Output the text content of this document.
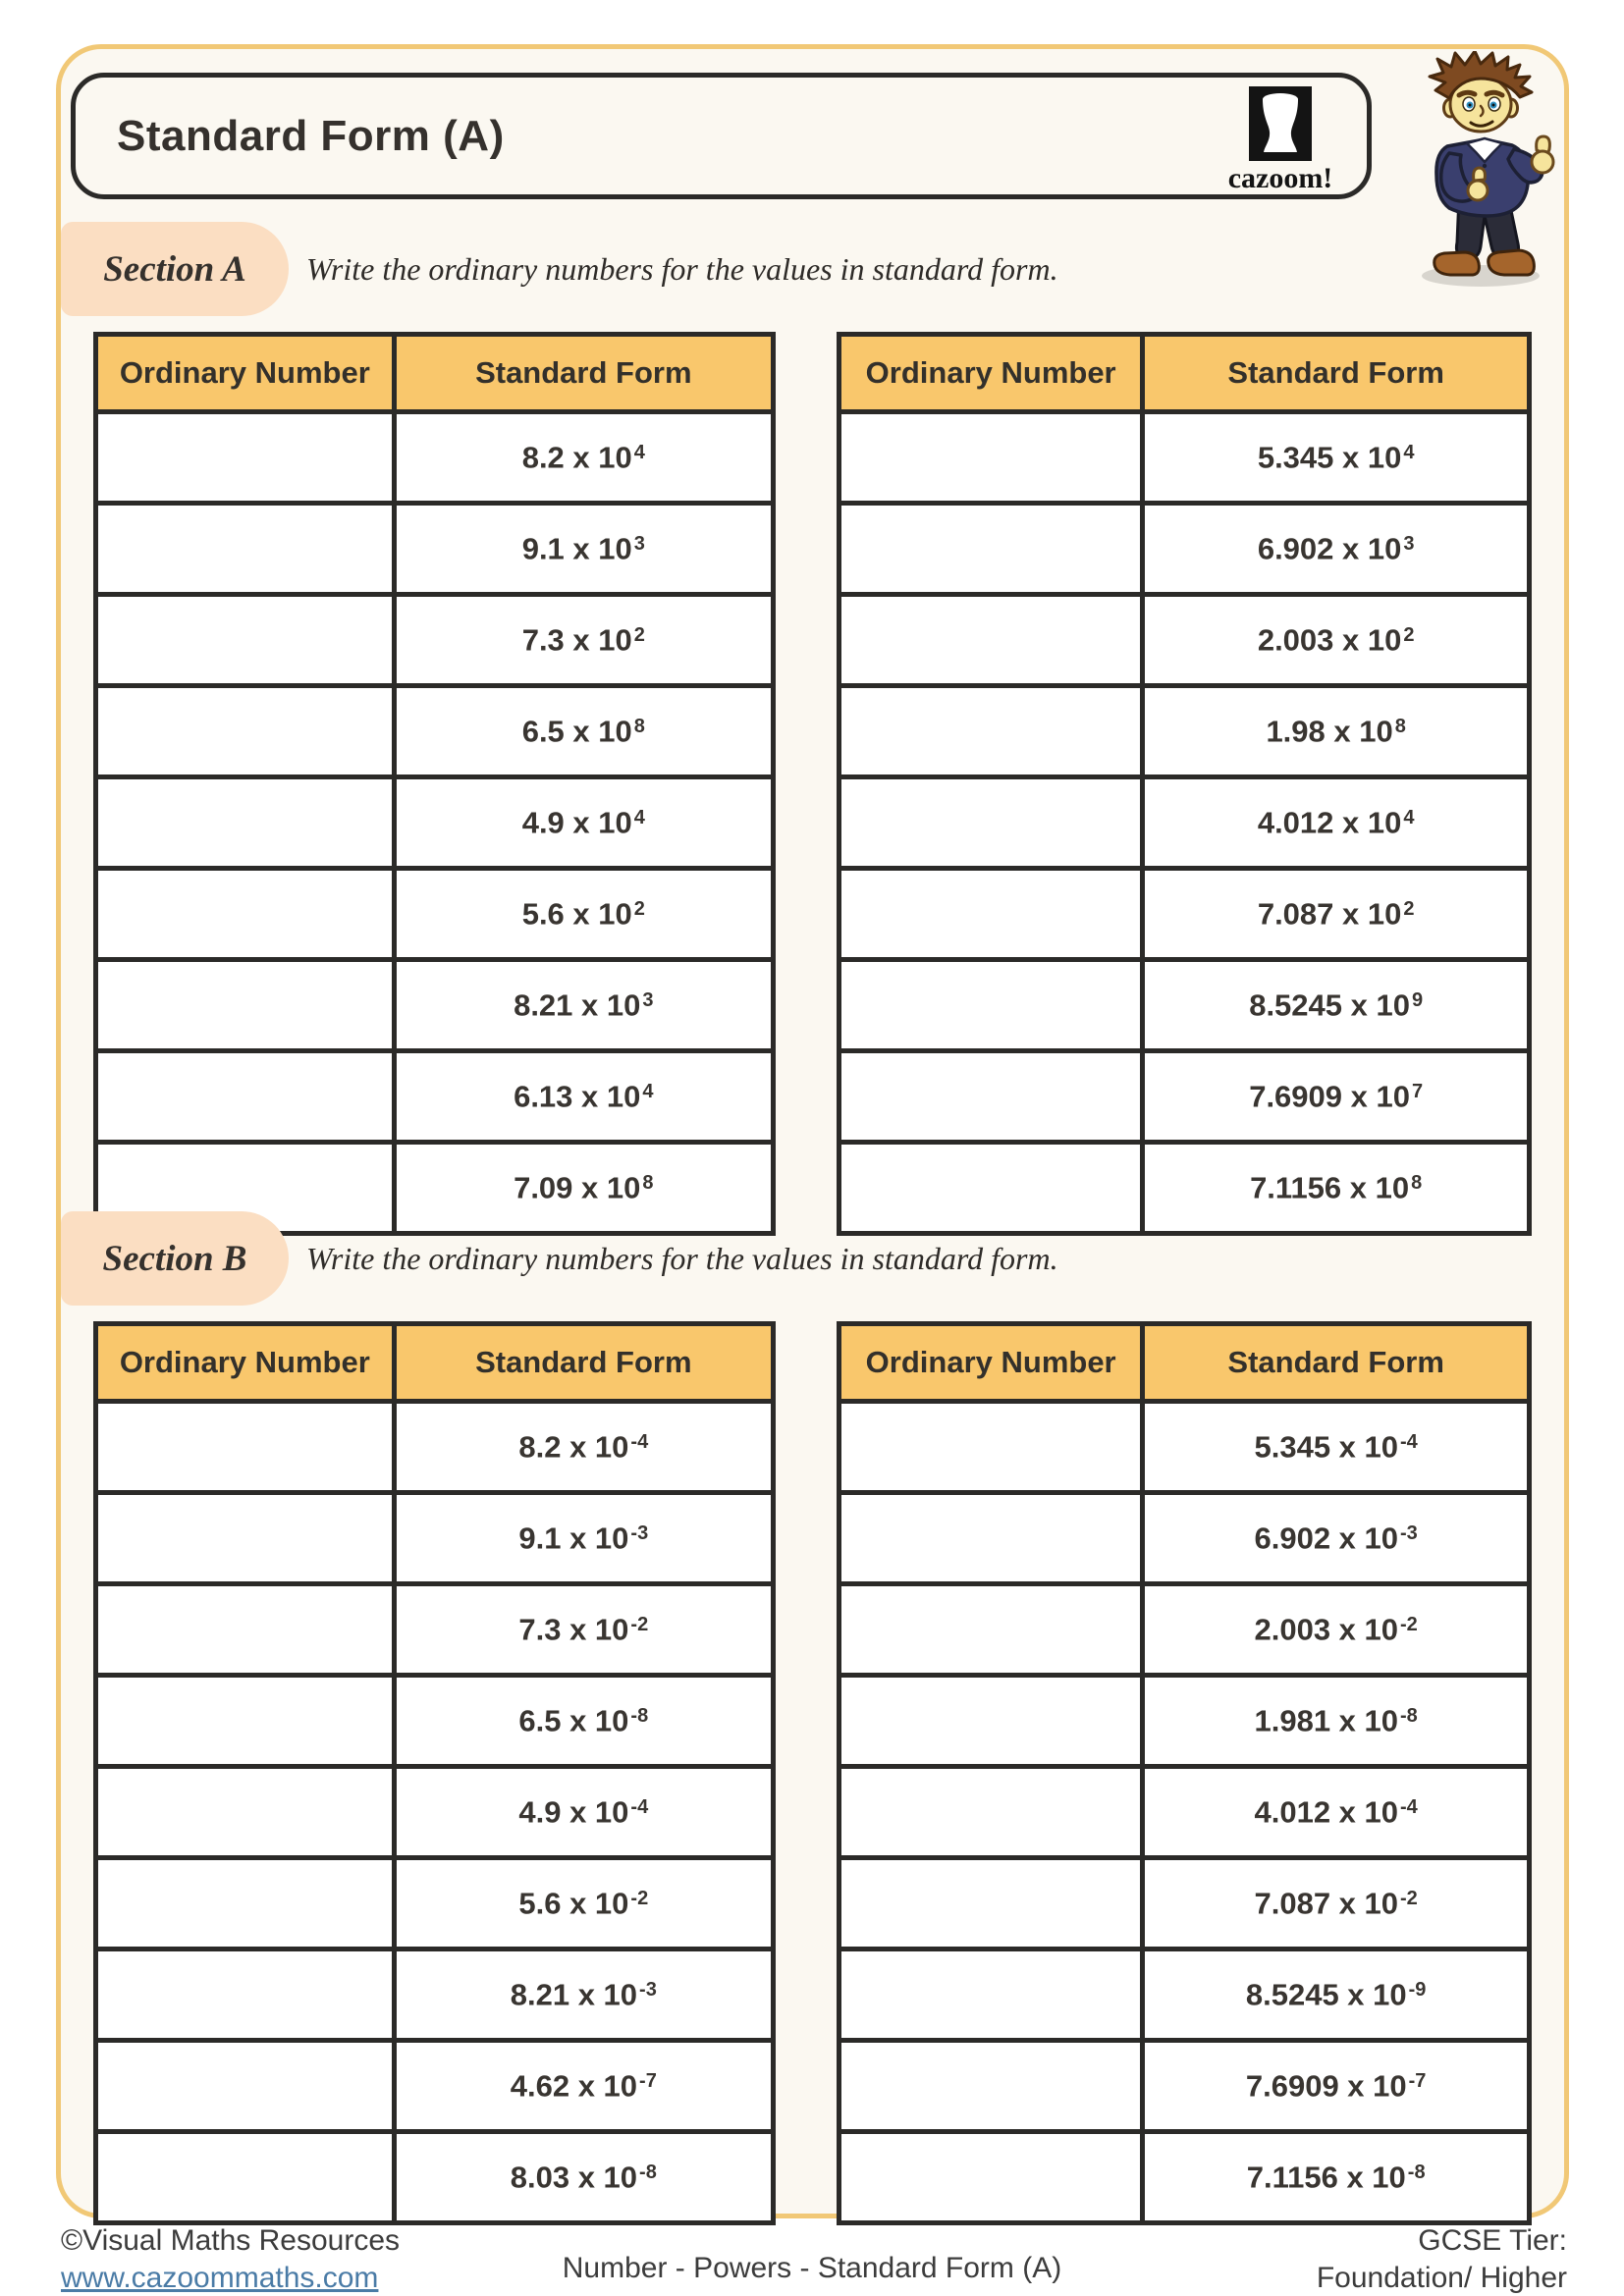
Standard Form (A)
cazoom!
Section A Write the ordinary numbers for the values in standard form.
Ordinary Number	Standard Form
	8.2 x 10 $^4$
	9.1 x 10 $^3$
	7.3 x 10 $^2$
	6.5 x 10 $^8$
	4.9 x 10 $^4$
	5.6 x 10 $^2$
	8.21 x 10 $^3$
	6.13 x 10 $^4$
	7.09 x 10 $^8$
Ordinary Number	Standard Form
	5.345 x 10 $^4$
	6.902 x 10 $^3$
	2.003 x 10 $^2$
	1.98 x 10 $^8$
	4.012 x 10 $^4$
	7.087 x 10 $^2$
	8.5245 x 10 $^9$
	7.6909 x 10 $^7$
	7.1156 x 10 $^8$
Section B Write the ordinary numbers for the values in standard form.
Ordinary Number	Standard Form
	8.2 x 10 $^{-4}$
	9.1 x 10 $^{-3}$
	7.3 x 10 $^{-2}$
	6.5 x 10 $^{-8}$
	4.9 x 10 $^{-4}$
	5.6 x 10 $^{-2}$
	8.21 x 10 $^{-3}$
	4.62 x 10 $^{-7}$
	8.03 x 10 $^{-8}$
Ordinary Number	Standard Form
	5.345 x 10 $^{-4}$
	6.902 x 10 $^{-3}$
	2.003 x 10 $^{-2}$
	1.981 x 10 $^{-8}$
	4.012 x 10 $^{-4}$
	7.087 x 10 $^{-2}$
	8.5245 x 10 $^{-9}$
	7.6909 x 10 $^{-7}$
	7.1156 x 10 $^{-8}$
©Visual Maths Resources
www.cazoommaths.com	Number - Powers - Standard Form (A)
GCSE Tier:
Foundation/ Higher
